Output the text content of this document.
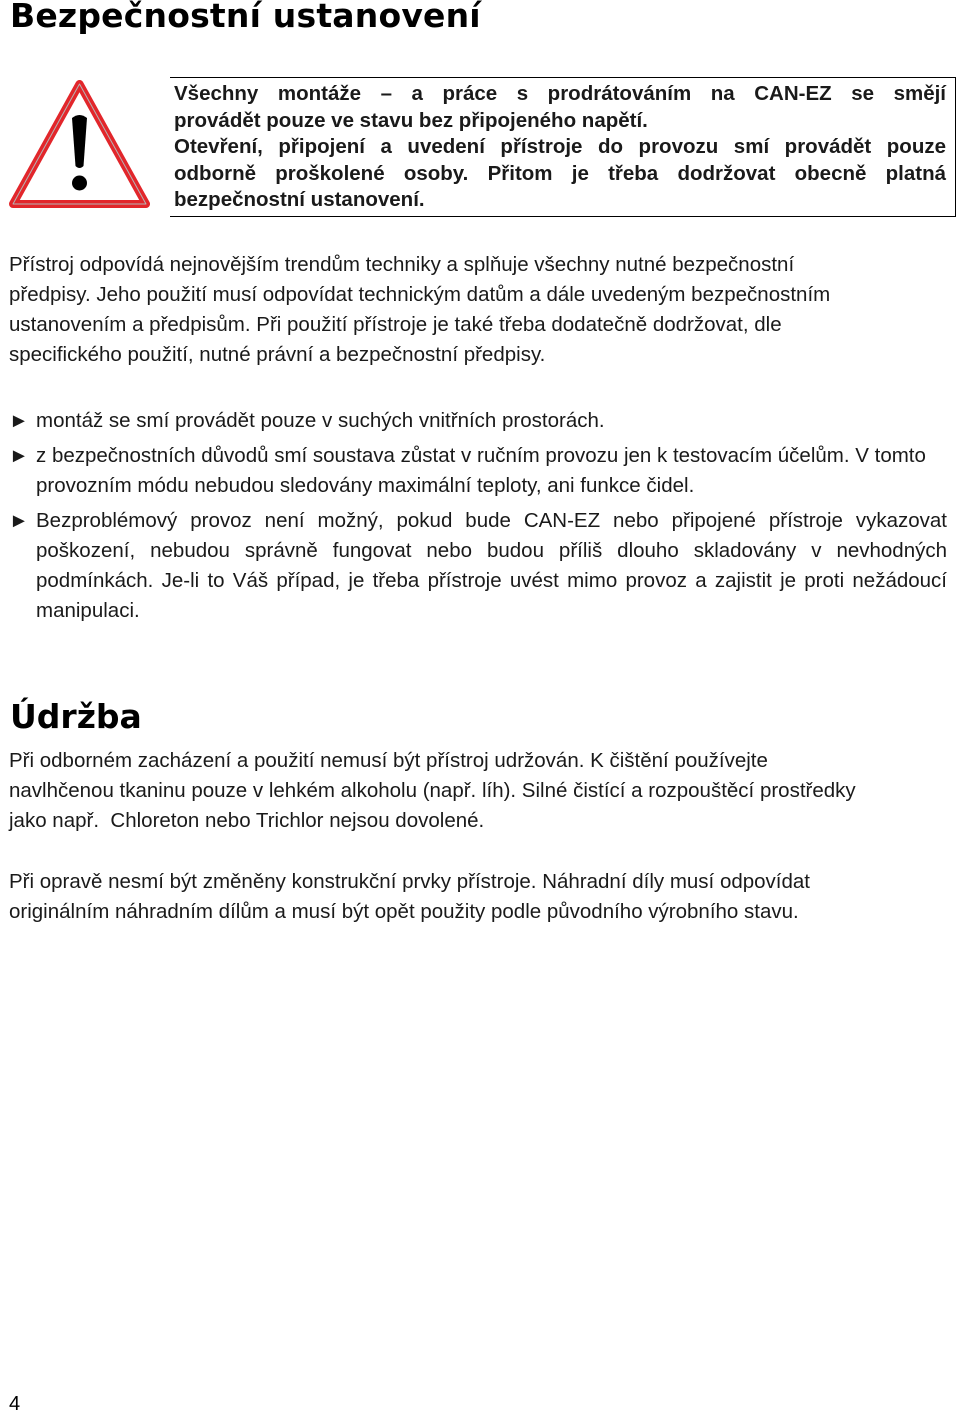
Bezpečnostní ustanovení

Všechny montáže – a práce s prodrátováním na CAN-EZ se smějí

provádět pouze ve stavu bez připojeného napětí.

Otevření, připojení a uvedení přístroje do provozu smí provádět pouze

odborně proškolené osoby. Přitom je třeba dodržovat obecně platná

bezpečnostní ustanovení.

Přístroj odpovídá nejnovějším trendům techniky a splňuje všechny nutné bezpečnostní
předpisy. Jeho použití musí odpovídat technickým datům a dále uvedeným bezpečnostním
ustanovením a předpisům. Při použití přístroje je také třeba dodatečně dodržovat, dle
specifického použití, nutné právní a bezpečnostní předpisy.
► montáž se smí provádět pouze v suchých vnitřních prostorách.
► z bezpečnostních důvodů smí soustava zůstat v ručním provozu jen k testovacím účelům. V tomto provozním módu nebudou sledovány maximální teploty, ani funkce čidel.
► Bezproblémový provoz není možný, pokud bude CAN-EZ nebo připojené přístroje vykazovat poškození, nebudou správně fungovat nebo budou příliš dlouho skladovány v nevhodných podmínkách. Je-li to Váš případ, je třeba přístroje uvést mimo provoz a zajistit je proti nežádoucí manipulaci.
Údržba
Při odborném zacházení a použití nemusí být přístroj udržován. K čištění používejte
navlhčenou tkaninu pouze v lehkém alkoholu (např. líh). Silné čistící a rozpouštěcí prostředky
jako např.  Chloreton nebo Trichlor nejsou dovolené.
Při opravě nesmí být změněny konstrukční prvky přístroje. Náhradní díly musí odpovídat
originálním náhradním dílům a musí být opět použity podle původního výrobního stavu.

4
